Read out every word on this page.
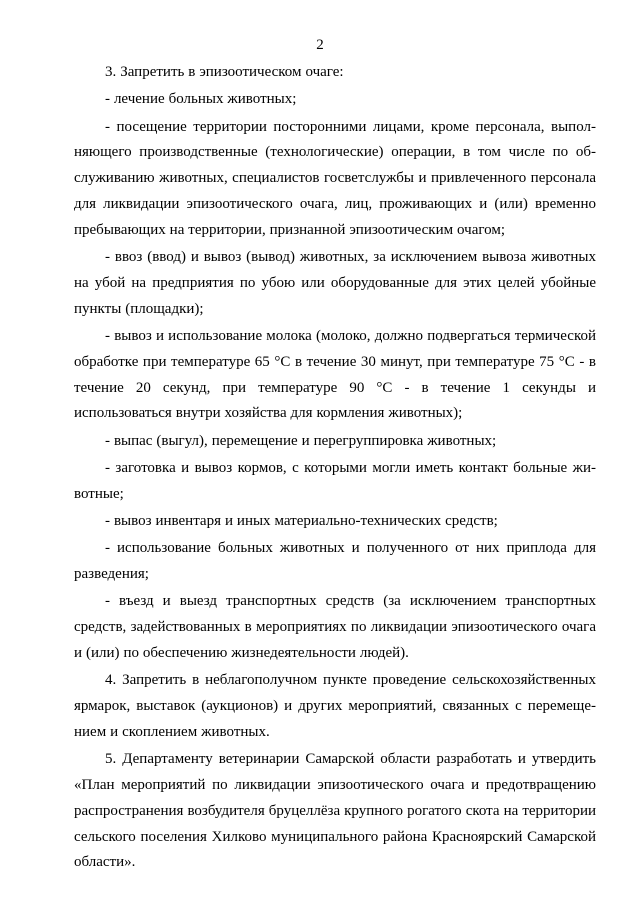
2

3. Запретить в эпизоотическом очаге:

- лечение больных животных;

- посещение территории посторонними лицами, кроме персонала, выполняющего производственные (технологические) операции, в том числе по обслуживанию животных, специалистов госветслужбы и привлеченного персонала для ликвидации эпизоотического очага, лиц, проживающих и (или) временно пребывающих на территории, признанной эпизоотическим очагом;

- ввоз (ввод) и вывоз (вывод) животных, за исключением вывоза животных на убой на предприятия по убою или оборудованные для этих целей убойные пункты (площадки);

- вывоз и использование молока (молоко, должно подвергаться термической обработке при температуре 65 °С в течение 30 минут, при температуре 75 °С - в течение 20 секунд, при температуре 90 °С - в течение 1 секунды и использоваться внутри хозяйства для кормления животных);

- выпас (выгул), перемещение и перегруппировка животных;

- заготовка и вывоз кормов, с которыми могли иметь контакт больные животные;

- вывоз инвентаря и иных материально-технических средств;

- использование больных животных и полученного от них приплода для разведения;

- въезд и выезд транспортных средств (за исключением транспортных средств, задействованных в мероприятиях по ликвидации эпизоотического очага и (или) по обеспечению жизнедеятельности людей).

4. Запретить в неблагополучном пункте проведение сельскохозяйственных ярмарок, выставок (аукционов) и других мероприятий, связанных с перемещением и скоплением животных.

5. Департаменту ветеринарии Самарской области разработать и утвердить «План мероприятий по ликвидации эпизоотического очага и предотвращению распространения возбудителя бруцеллёза крупного рогатого скота на территории сельского поселения Хилково муниципального района Красноярский Самарской области».
